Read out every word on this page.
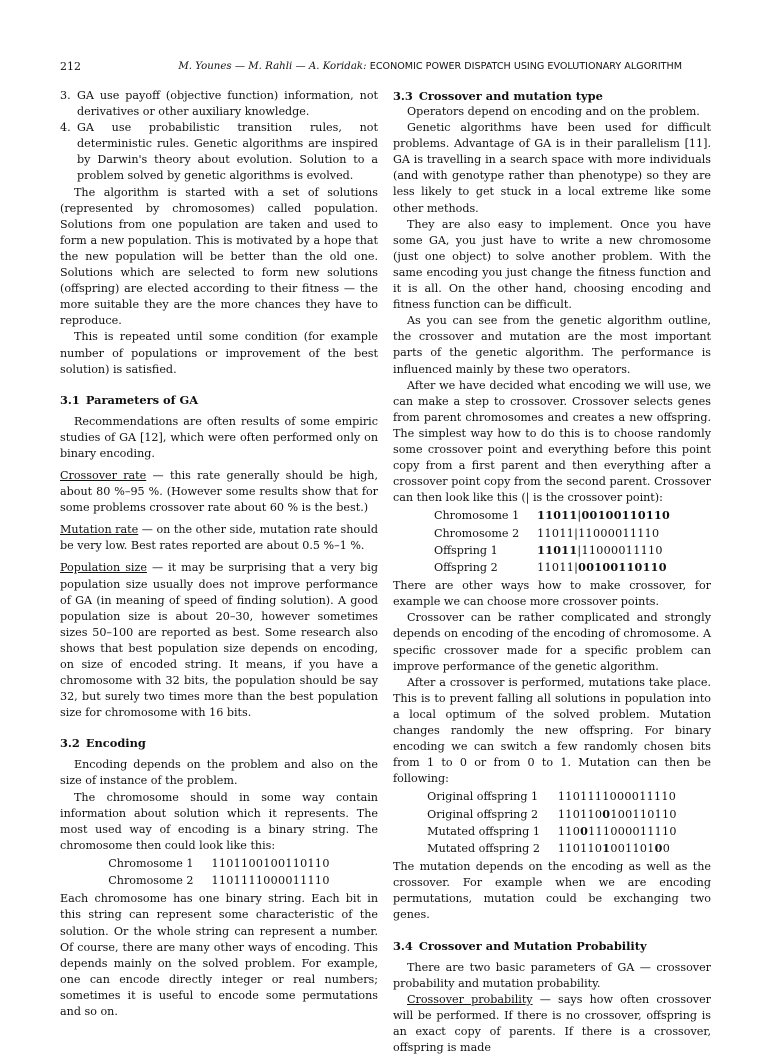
212	M. Younes — M. Rahli — A. Koridak: ECONOMIC POWER DISPATCH USING EVOLUTIONARY ALGORITHM
3. GA use payoff (objective function) information, not derivatives or other auxiliary knowledge.
4. GA use probabilistic transition rules, not deterministic rules. Genetic algorithms are inspired by Darwin's theory about evolution. Solution to a problem solved by genetic algorithms is evolved.

The algorithm is started with a set of solutions (represented by chromosomes) called population. Solutions from one population are taken and used to form a new population. This is motivated by a hope that the new population will be better than the old one. Solutions which are selected to form new solutions (offspring) are elected according to their fitness — the more suitable they are the more chances they have to reproduce.

This is repeated until some condition (for example number of populations or improvement of the best solution) is satisfied.

3.1 Parameters of GA

Recommendations are often results of some empiric studies of GA [12], which were often performed only on binary encoding.

Crossover rate — this rate generally should be high, about 80 %–95 %. (However some results show that for some problems crossover rate about 60 % is the best.)

Mutation rate — on the other side, mutation rate should be very low. Best rates reported are about 0.5 %–1 %.

Population size — it may be surprising that a very big population size usually does not improve performance of GA (in meaning of speed of finding solution). A good population size is about 20–30, however sometimes sizes 50–100 are reported as best. Some research also shows that best population size depends on encoding, on size of encoded string. It means, if you have a chromosome with 32 bits, the population should be say 32, but surely two times more than the best population size for chromosome with 16 bits.

3.2 Encoding

Encoding depends on the problem and also on the size of instance of the problem.

The chromosome should in some way contain information about solution which it represents. The most used way of encoding is a binary string. The chromosome then could look like this:

Chromosome 1	1101100100110110
Chromosome 2	1101111000011110

Each chromosome has one binary string. Each bit in this string can represent some characteristic of the solution. Or the whole string can represent a number. Of course, there are many other ways of encoding. This depends mainly on the solved problem. For example, one can encode directly integer or real numbers; sometimes it is useful to encode some permutations and so on.

3.3 Crossover and mutation type

Operators depend on encoding and on the problem.

Genetic algorithms have been used for difficult problems. Advantage of GA is in their parallelism [11]. GA is travelling in a search space with more individuals (and with genotype rather than phenotype) so they are less likely to get stuck in a local extreme like some other methods.

They are also easy to implement. Once you have some GA, you just have to write a new chromosome (just one object) to solve another problem. With the same encoding you just change the fitness function and it is all. On the other hand, choosing encoding and fitness function can be difficult.

As you can see from the genetic algorithm outline, the crossover and mutation are the most important parts of the genetic algorithm. The performance is influenced mainly by these two operators.

After we have decided what encoding we will use, we can make a step to crossover. Crossover selects genes from parent chromosomes and creates a new offspring. The simplest way how to do this is to choose randomly some crossover point and everything before this point copy from a first parent and then everything after a crossover point copy from the second parent. Crossover can then look like this (| is the crossover point):

Chromosome 1	11011|00100110110
Chromosome 2	11011|11000011110
Offspring 1	11011|11000011110
Offspring 2	11011|00100110110

There are other ways how to make crossover, for example we can choose more crossover points.

Crossover can be rather complicated and strongly depends on encoding of the encoding of chromosome. A specific crossover made for a specific problem can improve performance of the genetic algorithm.

After a crossover is performed, mutations take place. This is to prevent falling all solutions in population into a local optimum of the solved problem. Mutation changes randomly the new offspring. For binary encoding we can switch a few randomly chosen bits from 1 to 0 or from 0 to 1. Mutation can then be following:

Original offspring 1	1101111000011110
Original offspring 2	1101100100110110
Mutated offspring 1	1100111000011110
Mutated offspring 2	110110100110100

The mutation depends on the encoding as well as the crossover. For example when we are encoding permutations, mutation could be exchanging two genes.

3.4 Crossover and Mutation Probability

There are two basic parameters of GA — crossover probability and mutation probability.

Crossover probability — says how often crossover will be performed. If there is no crossover, offspring is an exact copy of parents. If there is a crossover, offspring is made
